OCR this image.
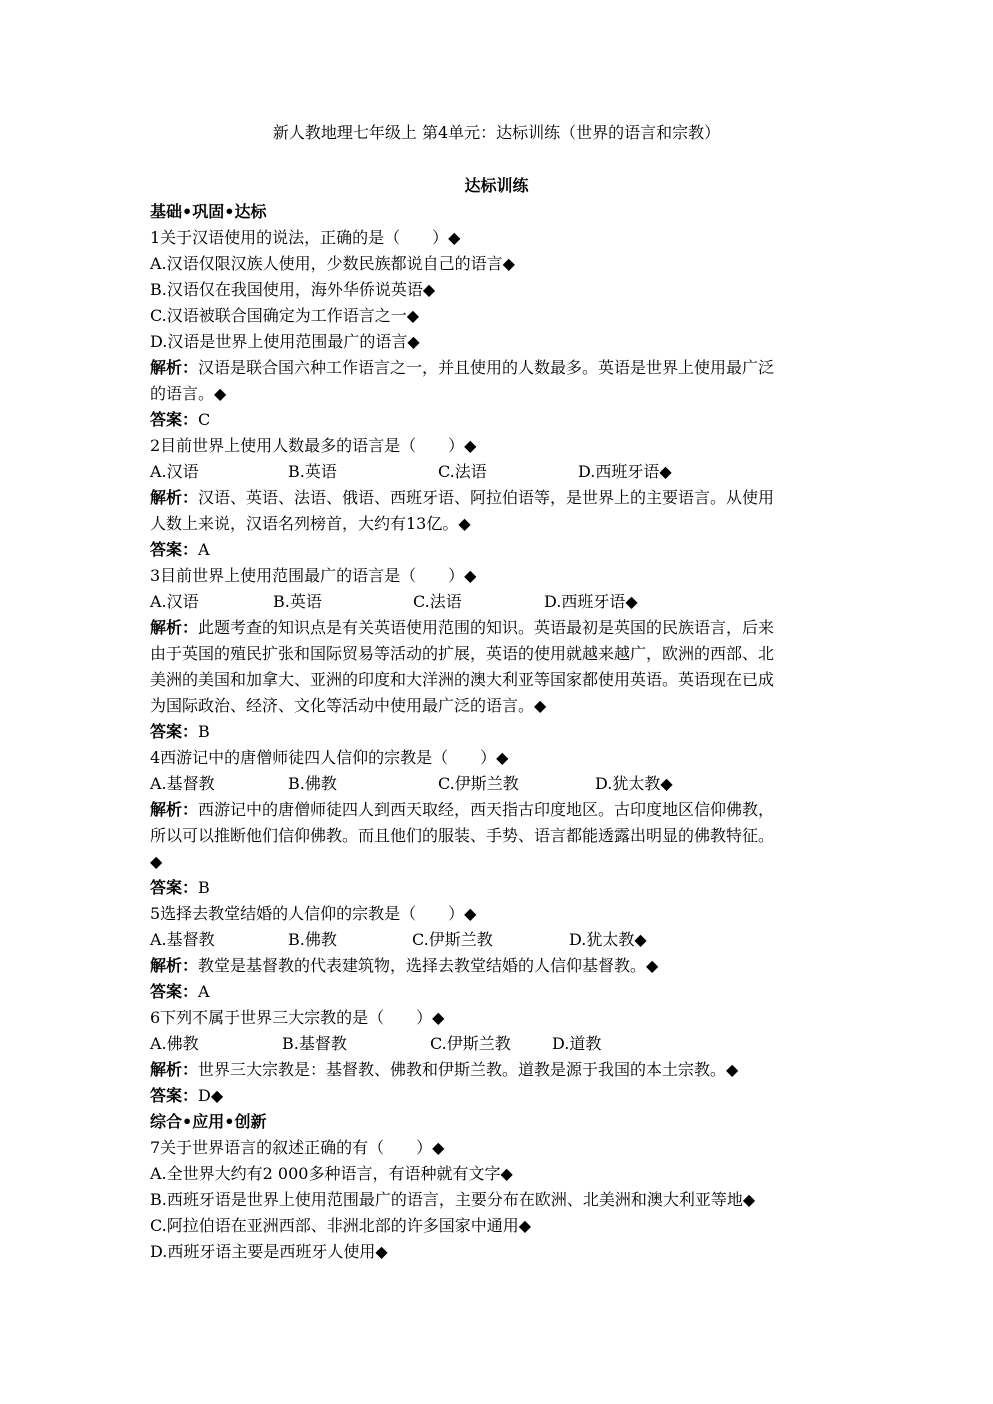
新人教地理七年级上 第4单元：达标训练（世界的语言和宗教）
达标训练
基础•巩固•达标
1关于汉语使用的说法，正确的是（　　）◆
A.汉语仅限汉族人使用，少数民族都说自己的语言◆
B.汉语仅在我国使用，海外华侨说英语◆
C.汉语被联合国确定为工作语言之一◆
D.汉语是世界上使用范围最广的语言◆
解析：汉语是联合国六种工作语言之一，并且使用的人数最多。英语是世界上使用最广泛
的语言。◆
答案：C
2目前世界上使用人数最多的语言是（　　）◆
A.汉语	B.英语	C.法语	D.西班牙语◆
解析：汉语、英语、法语、俄语、西班牙语、阿拉伯语等，是世界上的主要语言。从使用
人数上来说，汉语名列榜首，大约有13亿。◆
答案：A
3目前世界上使用范围最广的语言是（　　）◆
A.汉语	B.英语	C.法语	D.西班牙语◆
解析：此题考查的知识点是有关英语使用范围的知识。英语最初是英国的民族语言，后来
由于英国的殖民扩张和国际贸易等活动的扩展，英语的使用就越来越广，欧洲的西部、北
美洲的美国和加拿大、亚洲的印度和大洋洲的澳大利亚等国家都使用英语。英语现在已成
为国际政治、经济、文化等活动中使用最广泛的语言。◆
答案：B
4西游记中的唐僧师徒四人信仰的宗教是（　　）◆
A.基督教	B.佛教	C.伊斯兰教	D.犹太教◆
解析：西游记中的唐僧师徒四人到西天取经，西天指古印度地区。古印度地区信仰佛教，
所以可以推断他们信仰佛教。而且他们的服装、手势、语言都能透露出明显的佛教特征。
◆
答案：B
5选择去教堂结婚的人信仰的宗教是（　　）◆
A.基督教	B.佛教	C.伊斯兰教	D.犹太教◆
解析：教堂是基督教的代表建筑物，选择去教堂结婚的人信仰基督教。◆
答案：A
6下列不属于世界三大宗教的是（　　）◆
A.佛教	B.基督教	C.伊斯兰教	D.道教
解析：世界三大宗教是：基督教、佛教和伊斯兰教。道教是源于我国的本土宗教。◆
答案：D◆
综合•应用•创新
7关于世界语言的叙述正确的有（　　）◆
A.全世界大约有2 000多种语言，有语种就有文字◆
B.西班牙语是世界上使用范围最广的语言，主要分布在欧洲、北美洲和澳大利亚等地◆
C.阿拉伯语在亚洲西部、非洲北部的许多国家中通用◆
D.西班牙语主要是西班牙人使用◆
